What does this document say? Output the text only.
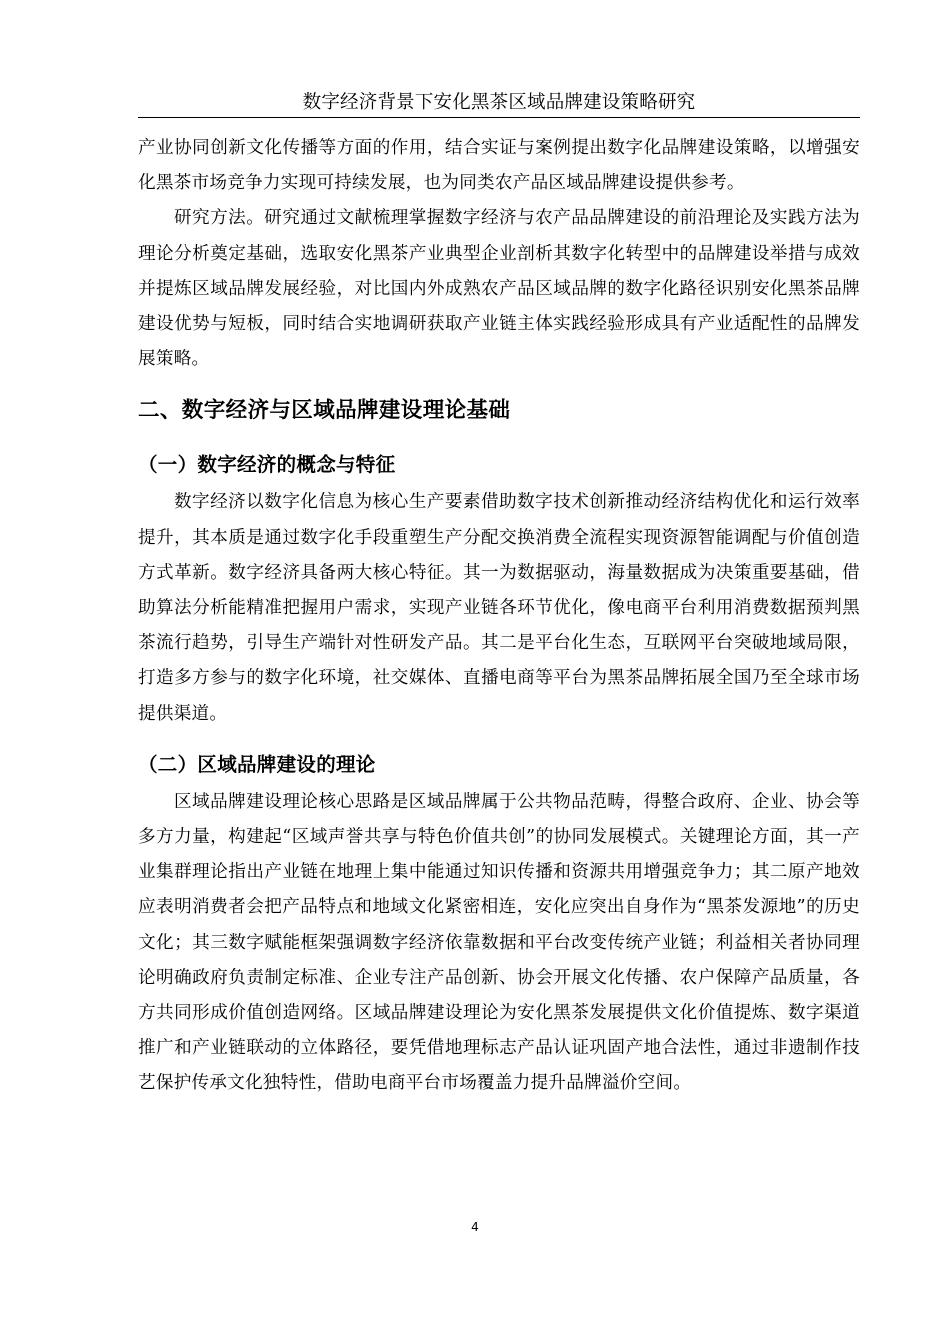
数字经济背景下安化黑茶区域品牌建设策略研究

产业协同创新文化传播等方面的作用，结合实证与案例提出数字化品牌建设策略，以增强安化黑茶市场竞争力实现可持续发展，也为同类农产品区域品牌建设提供参考。

研究方法。研究通过文献梳理掌握数字经济与农产品品牌建设的前沿理论及实践方法为理论分析奠定基础，选取安化黑茶产业典型企业剖析其数字化转型中的品牌建设举措与成效并提炼区域品牌发展经验，对比国内外成熟农产品区域品牌的数字化路径识别安化黑茶品牌建设优势与短板，同时结合实地调研获取产业链主体实践经验形成具有产业适配性的品牌发展策略。

二、数字经济与区域品牌建设理论基础
（一）数字经济的概念与特征

数字经济以数字化信息为核心生产要素借助数字技术创新推动经济结构优化和运行效率提升，其本质是通过数字化手段重塑生产分配交换消费全流程实现资源智能调配与价值创造方式革新。数字经济具备两大核心特征。其一为数据驱动，海量数据成为决策重要基础，借助算法分析能精准把握用户需求，实现产业链各环节优化，像电商平台利用消费数据预判黑茶流行趋势，引导生产端针对性研发产品。其二是平台化生态，互联网平台突破地域局限，打造多方参与的数字化环境，社交媒体、直播电商等平台为黑茶品牌拓展全国乃至全球市场提供渠道。

（二）区域品牌建设的理论

区域品牌建设理论核心思路是区域品牌属于公共物品范畴，得整合政府、企业、协会等多方力量，构建起“区域声誉共享与特色价值共创”的协同发展模式。关键理论方面，其一产业集群理论指出产业链在地理上集中能通过知识传播和资源共用增强竞争力；其二原产地效应表明消费者会把产品特点和地域文化紧密相连，安化应突出自身作为“黑茶发源地”的历史文化；其三数字赋能框架强调数字经济依靠数据和平台改变传统产业链；利益相关者协同理论明确政府负责制定标准、企业专注产品创新、协会开展文化传播、农户保障产品质量，各方共同形成价值创造网络。区域品牌建设理论为安化黑茶发展提供文化价值提炼、数字渠道推广和产业链联动的立体路径，要凭借地理标志产品认证巩固产地合法性，通过非遗制作技艺保护传承文化独特性，借助电商平台市场覆盖力提升品牌溢价空间。

4
